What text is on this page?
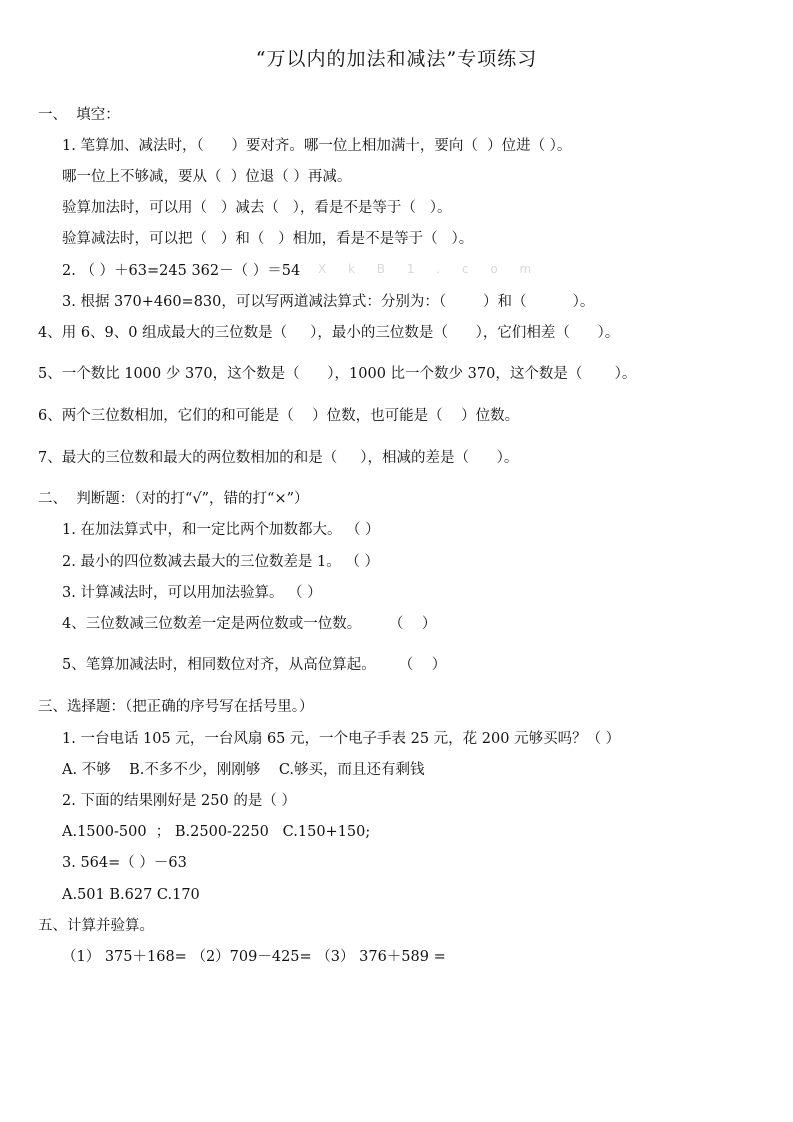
“万以内的加法和减法”专项练习
一、  填空：
1. 笔算加、减法时，（      ）要对齐。哪一位上相加满十，要向（  ）位进（ ）。
哪一位上不够减，要从（  ）位退（ ）再减。
验算加法时，可以用（   ）减去（   ），看是不是等于（   ）。
验算减法时，可以把（   ）和（   ）相加，看是不是等于（   ）。
2. （ ）＋63=245 362－（ ）＝54 X k B 1 . c o m
3. 根据 370+460=830，可以写两道减法算式：分别为：（        ）和（          ）。
4、用 6、9、0 组成最大的三位数是（     ），最小的三位数是（      ），它们相差（      ）。
5、一个数比 1000 少 370，这个数是（      ），1000 比一个数少 370，这个数是（       ）。
6、两个三位数相加，它们的和可能是（    ）位数，也可能是（    ）位数。
7、最大的三位数和最大的两位数相加的和是（     ），相减的差是（      ）。
二、  判断题：（对的打“√”，错的打“×”）
1. 在加法算式中，和一定比两个加数都大。 （ ）
2. 最小的四位数减去最大的三位数差是 1。 （ ）
3. 计算减法时，可以用加法验算。 （ ）
4、三位数减三位数差一定是两位数或一位数。      （    ）
5、笔算加减法时，相同数位对齐，从高位算起。     （    ）
三、选择题：（把正确的序号写在括号里。）
1. 一台电话 105 元，一台风扇 65 元，一个电子手表 25 元，花 200 元够买吗？（ ）
A. 不够    B.不多不少，刚刚够    C.够买，而且还有剩钱
2. 下面的结果刚好是 250 的是（ ）
A.1500-500  ； B.2500-2250   C.150+150;
3. 564=（ ）－63
A.501 B.627 C.170
五、计算并验算。
（1） 375＋168= （2）709－425= （3） 376＋589 =
